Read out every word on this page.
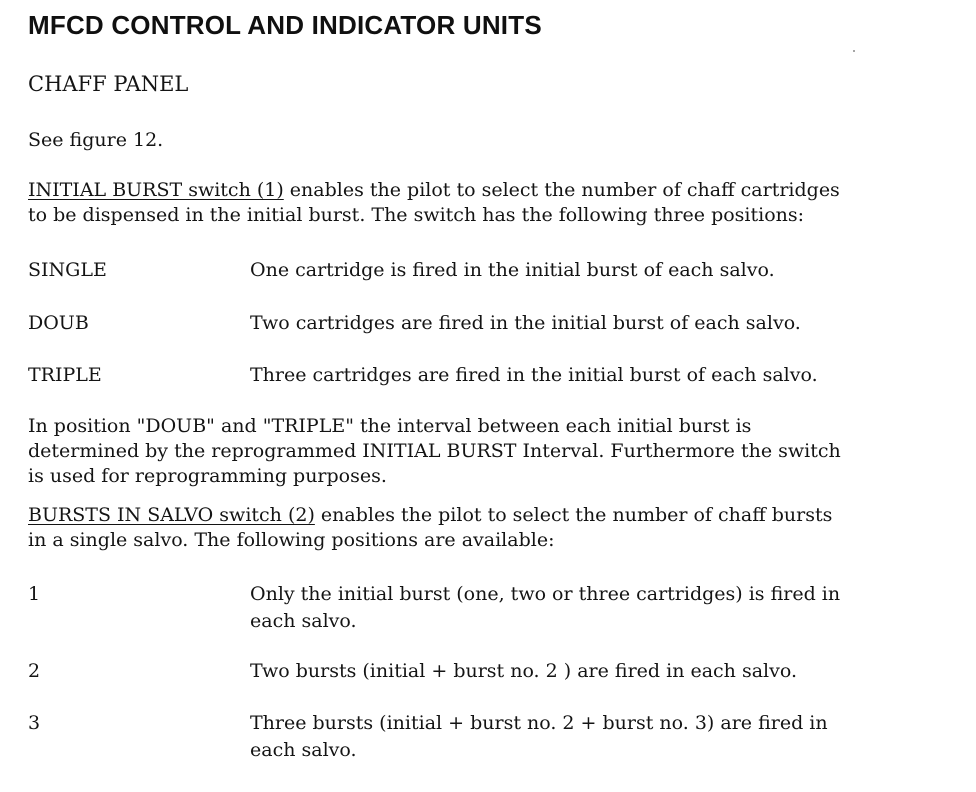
MFCD CONTROL AND INDICATOR UNITS
CHAFF PANEL

See figure 12.

INITIAL BURST switch (1) enables the pilot to select the number of chaff cartridges
to be dispensed in the initial burst. The switch has the following three positions:
SINGLE	One cartridge is fired in the initial burst of each salvo.
DOUB	Two cartridges are fired in the initial burst of each salvo.
TRIPLE	Three cartridges are fired in the initial burst of each salvo.
In position "DOUB" and "TRIPLE" the interval between each initial burst is
determined by the reprogrammed INITIAL BURST Interval. Furthermore the switch
is used for reprogramming purposes.
BURSTS IN SALVO switch (2) enables the pilot to select the number of chaff bursts
in a single salvo. The following positions are available:
1	Only the initial burst (one, two or three cartridges) is fired in
each salvo.
2	Two bursts (initial + burst no. 2 ) are fired in each salvo.
3	Three bursts (initial + burst no. 2 + burst no. 3) are fired in
each salvo.
